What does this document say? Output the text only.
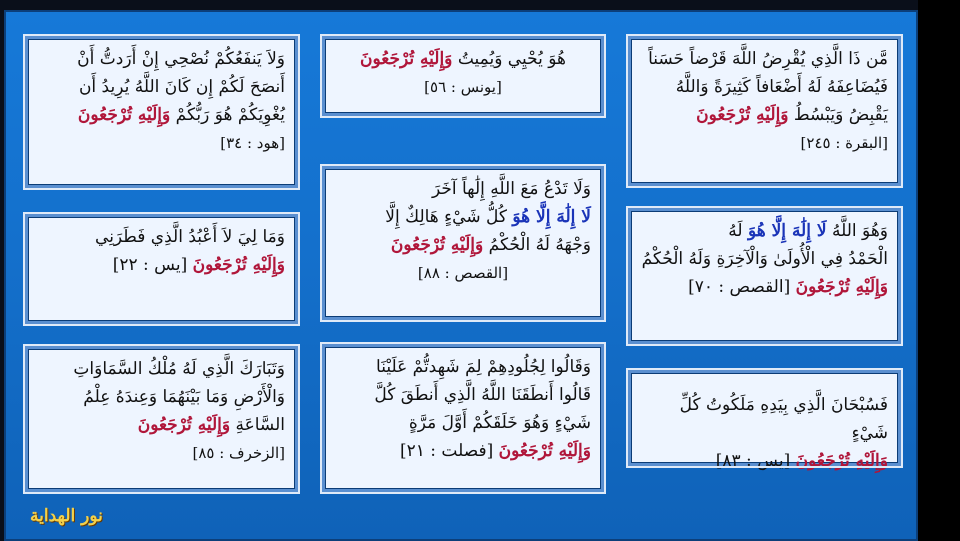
مَّن ذَا الَّذِي يُقْرِضُ اللَّهَ قَرْضاً حَسَناً
فَيُضَاعِفَهُ لَهُ أَضْعَافاً كَثِيرَةً وَاللَّهُ
يَقْبِضُ وَيَبْسُطُ وَإِلَيْهِ تُرْجَعُونَ
[البقرة : ٢٤٥]
هُوَ يُحْيِي وَيُمِيتُ وَإِلَيْهِ تُرْجَعُونَ
[يونس : ٥٦]
وَلاَ يَنفَعُكُمْ نُصْحِي إِنْ أَرَدتُّ أَنْ
أَنصَحَ لَكُمْ إِن كَانَ اللَّهُ يُرِيدُ أَن
يُغْوِيَكُمْ هُوَ رَبُّكُمْ وَإِلَيْهِ تُرْجَعُونَ
[هود : ٣٤]
وَهُوَ اللَّهُ لَا إِلَٰهَ إِلَّا هُوَ لَهُ
الْحَمْدُ فِي الْأُولَىٰ وَالْآخِرَةِ وَلَهُ الْحُكْمُ
وَإِلَيْهِ تُرْجَعُونَ [القصص : ٧٠]
وَلَا تَدْعُ مَعَ اللَّهِ إِلَٰهاً آخَرَ
لَا إِلَٰهَ إِلَّا هُوَ كُلُّ شَيْءٍ هَالِكٌ إِلَّا
وَجْهَهُ لَهُ الْحُكْمُ وَإِلَيْهِ تُرْجَعُونَ
[القصص : ٨٨]
وَمَا لِيَ لاَ أَعْبُدُ الَّذِي فَطَرَنِي
وَإِلَيْهِ تُرْجَعُونَ [يس : ٢٢]
فَسُبْحَانَ الَّذِي بِيَدِهِ مَلَكُوتُ كُلِّ شَيْءٍ
وَإِلَيْهِ تُرْجَعُونَ [يس : ٨٣]
وَقَالُوا لِجُلُودِهِمْ لِمَ شَهِدتُّمْ عَلَيْنَا
قَالُوا أَنطَقَنَا اللَّهُ الَّذِي أَنطَقَ كُلَّ
شَيْءٍ وَهُوَ خَلَقَكُمْ أَوَّلَ مَرَّةٍ
وَإِلَيْهِ تُرْجَعُونَ [فصلت : ٢١]
وَتَبَارَكَ الَّذِي لَهُ مُلْكُ السَّمَاوَاتِ
وَالْأَرْضِ وَمَا بَيْنَهُمَا وَعِندَهُ عِلْمُ
السَّاعَةِ وَإِلَيْهِ تُرْجَعُونَ
[الزخرف : ٨٥]
نور الهداية
